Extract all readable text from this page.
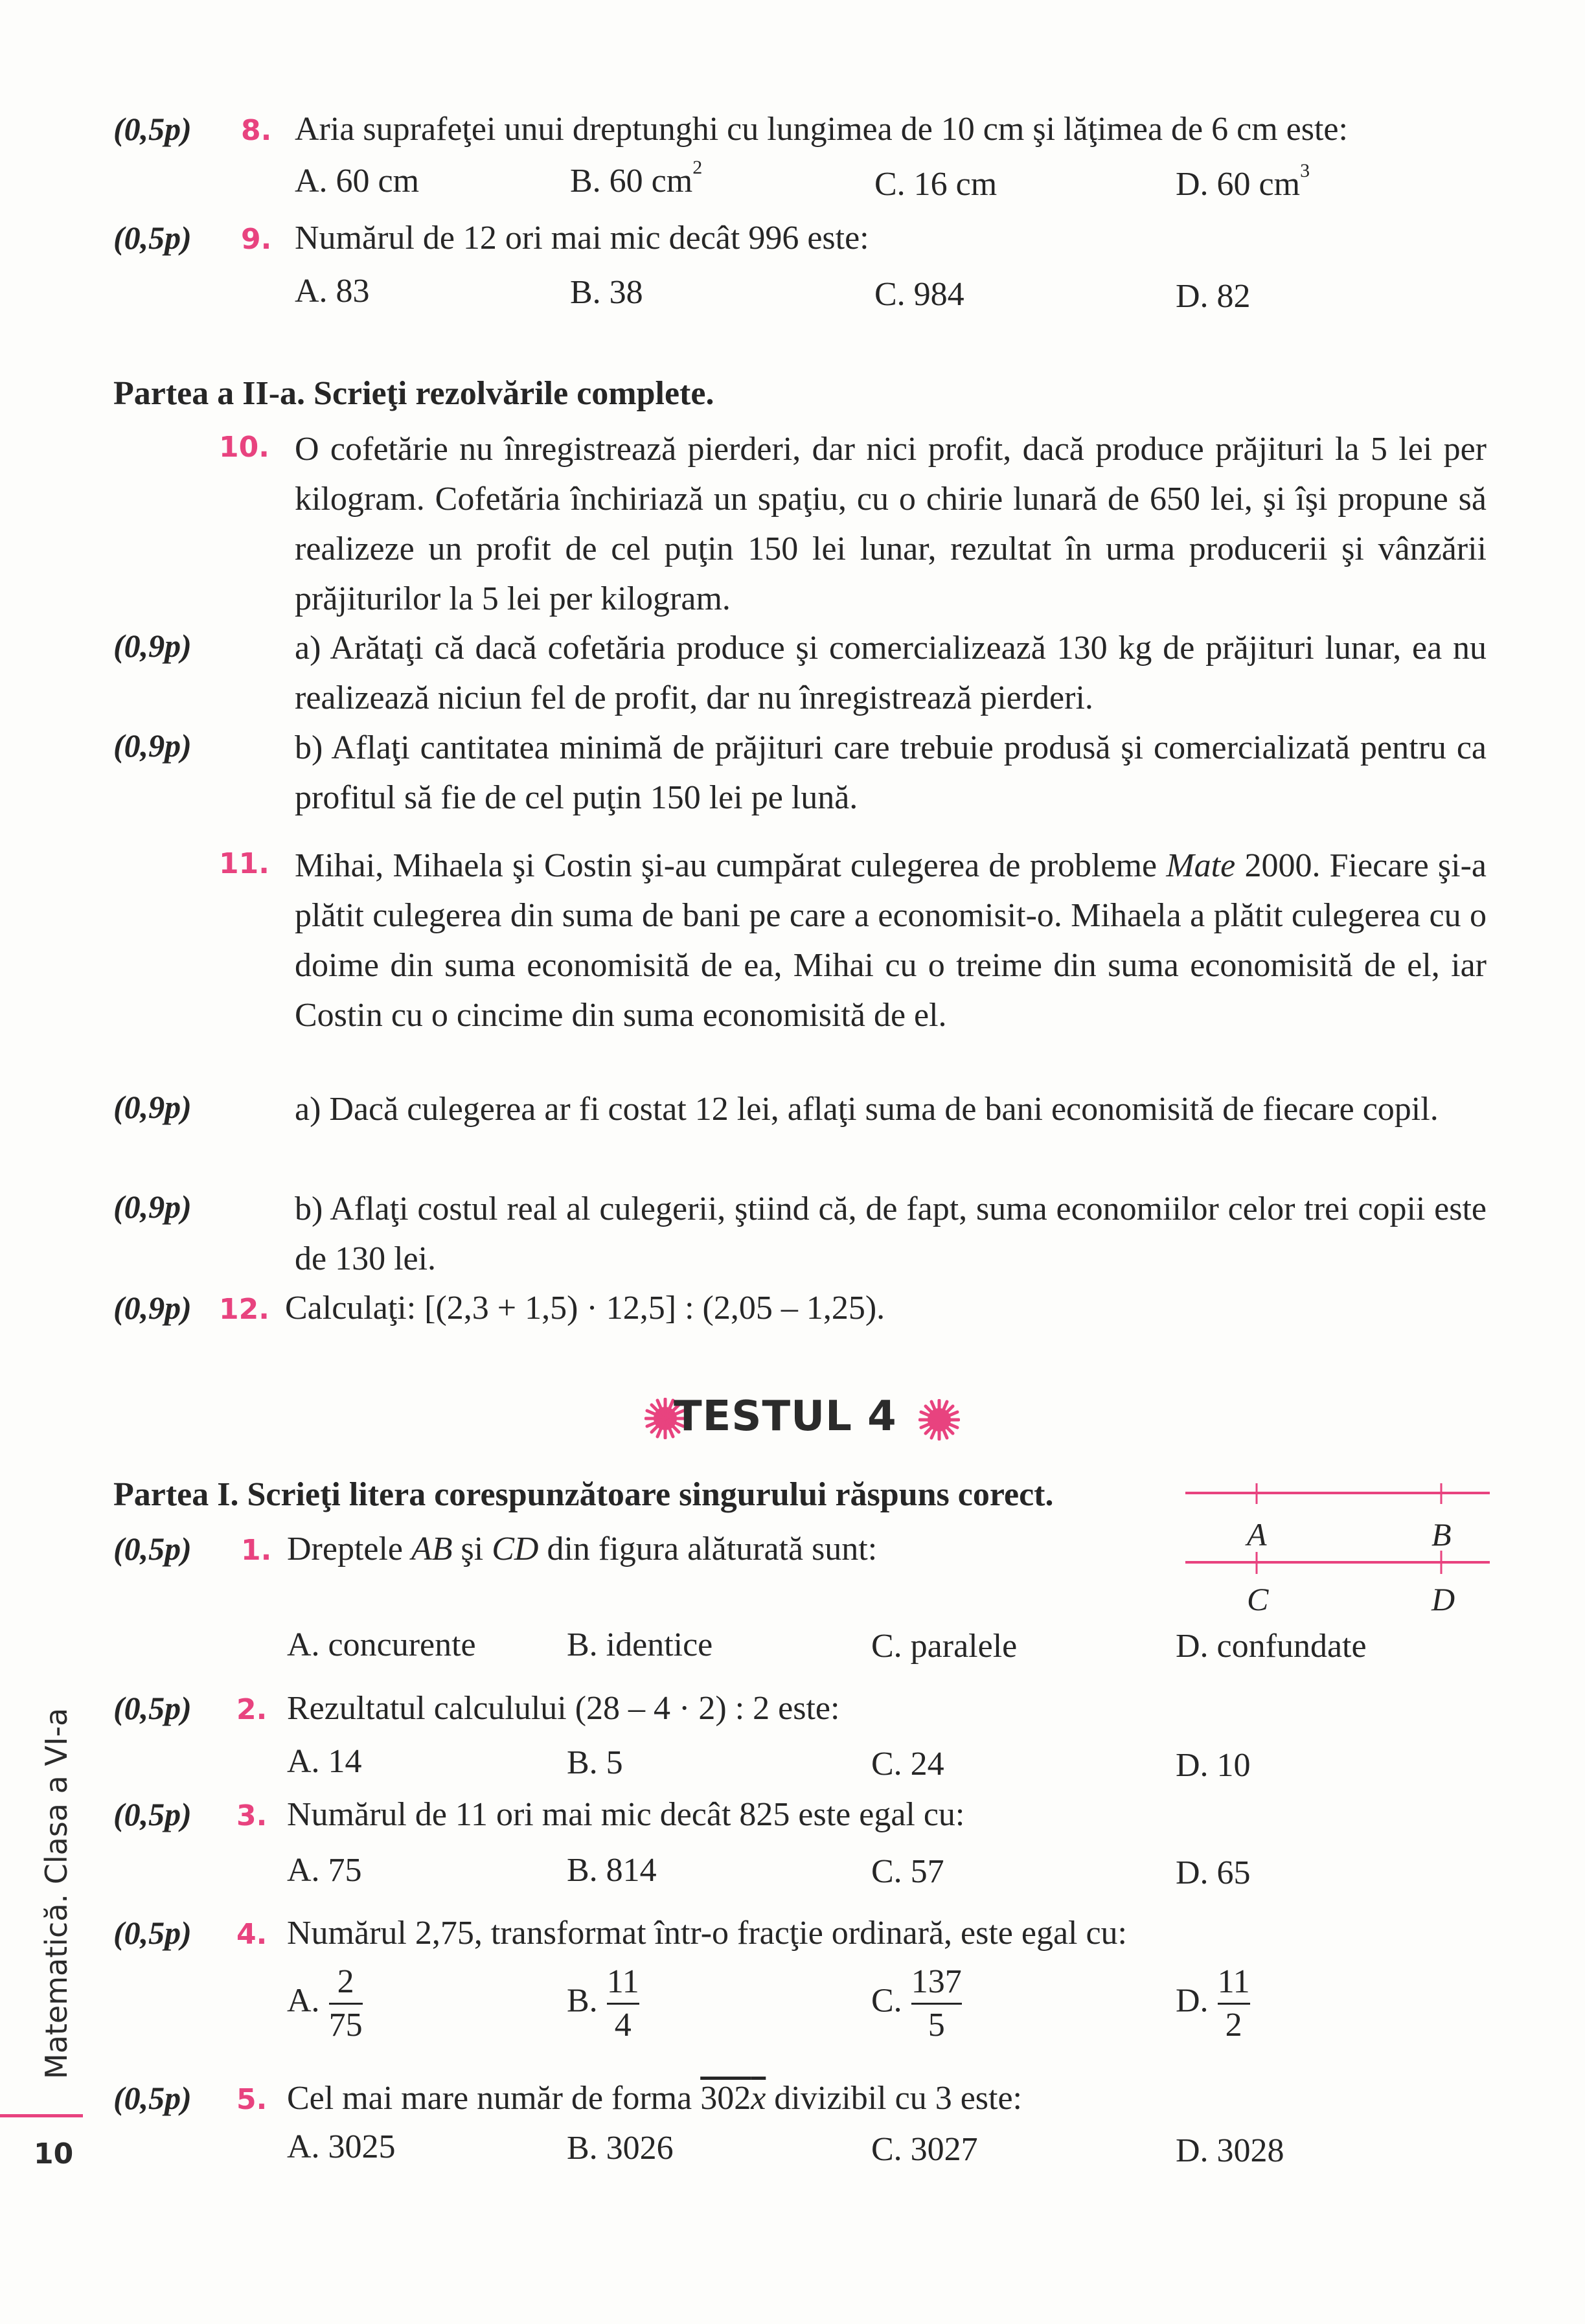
(0,5p) 8. Aria suprafeţei unui dreptunghi cu lungimea de 10 cm şi lăţimea de 6 cm este:
A. 60 cm	B. 60 $cm^2$	C. 16 cm	D. 60 $cm^3$
(0,5p) 9. Numărul de 12 ori mai mic decât 996 este:
A. 83	B. 38	C. 984	D. 82
Partea a II-a. Scrieţi rezolvările complete.
10. O cofetărie nu înregistrează pierderi, dar nici profit, dacă produce prăjituri la 5 lei per kilogram. Cofetăria închiriază un spaţiu, cu o chirie lunară de 650 lei, şi îşi propune să realizeze un profit de cel puţin 150 lei lunar, rezultat în urma producerii şi vânzării prăjiturilor la 5 lei per kilogram.
(0,9p)	a) Arătaţi că dacă cofetăria produce şi comercializează 130 kg de prăjituri lunar, ea nu realizează niciun fel de profit, dar nu înregistrează pierderi.
(0,9p)	b) Aflaţi cantitatea minimă de prăjituri care trebuie produsă şi comercializată pentru ca profitul să fie de cel puţin 150 lei pe lună.
11. Mihai, Mihaela şi Costin şi-au cumpărat culegerea de probleme Mate 2000. Fiecare şi-a plătit culegerea din suma de bani pe care a economisit-o. Mihaela a plătit culegerea cu o doime din suma economisită de ea, Mihai cu o treime din suma economisită de el, iar Costin cu o cincime din suma economisită de el.
(0,9p)	a) Dacă culegerea ar fi costat 12 lei, aflaţi suma de bani economisită de fiecare copil.
(0,9p)	b) Aflaţi costul real al culegerii, ştiind că, de fapt, suma economiilor celor trei copii este de 130 lei.
(0,9p) 12. Calculaţi: [(2,3 + 1,5) · 12,5] : (2,05 – 1,25).
TESTUL 4
Partea I. Scrieţi litera corespunzătoare singurului răspuns corect.
A	B
C	D
(0,5p) 1. Dreptele AB şi CD din figura alăturată sunt:
A. concurente	B. identice	C. paralele	D. confundate
(0,5p) 2. Rezultatul calculului (28 – 4 · 2) : 2 este:
A. 14	B. 5	C. 24	D. 10
(0,5p) 3. Numărul de 11 ori mai mic decât 825 este egal cu:
A. 75	B. 814	C. 57	D. 65
(0,5p) 4. Numărul 2,75, transformat într-o fracţie ordinară, este egal cu:
A. $\frac{2}{75}$	B. $\frac{11}{4}$	C. $\frac{137}{5}$	D. $\frac{11}{2}$
(0,5p) 5. Cel mai mare număr de forma 302x divizibil cu 3 este:
A. 3025	B. 3026	C. 3027	D. 3028
Matematică. Clasa a VI-a
10
